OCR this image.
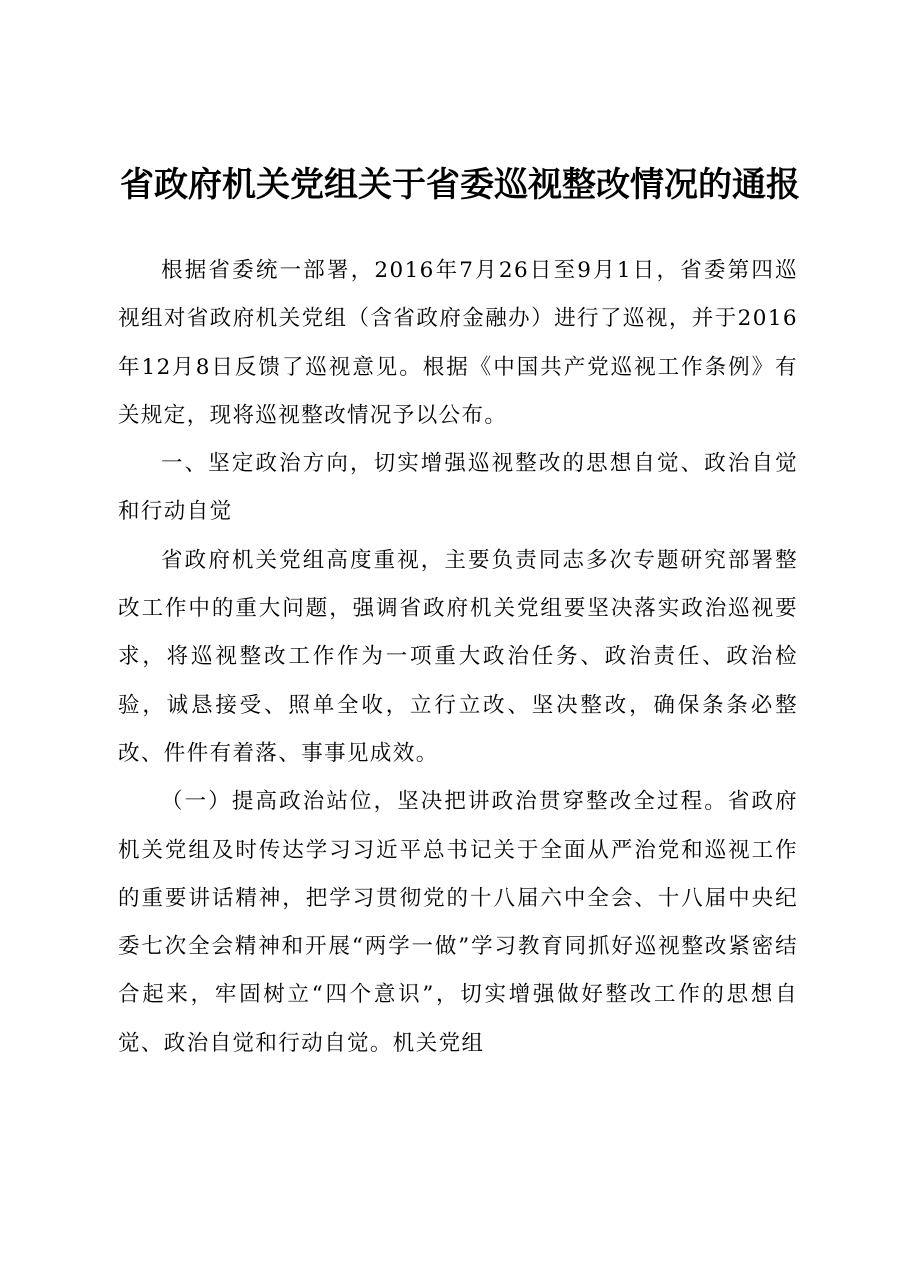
省政府机关党组关于省委巡视整改情况的通报

根据省委统一部署，2016年7月26日至9月1日，省委第四巡视组对省政府机关党组（含省政府金融办）进行了巡视，并于2016年12月8日反馈了巡视意见。根据《中国共产党巡视工作条例》有关规定，现将巡视整改情况予以公布。

一、坚定政治方向，切实增强巡视整改的思想自觉、政治自觉和行动自觉

省政府机关党组高度重视，主要负责同志多次专题研究部署整改工作中的重大问题，强调省政府机关党组要坚决落实政治巡视要求，将巡视整改工作作为一项重大政治任务、政治责任、政治检验，诚恳接受、照单全收，立行立改、坚决整改，确保条条必整改、件件有着落、事事见成效。

（一）提高政治站位，坚决把讲政治贯穿整改全过程。省政府机关党组及时传达学习习近平总书记关于全面从严治党和巡视工作的重要讲话精神，把学习贯彻党的十八届六中全会、十八届中央纪委七次全会精神和开展“两学一做”学习教育同抓好巡视整改紧密结合起来，牢固树立“四个意识”，切实增强做好整改工作的思想自觉、政治自觉和行动自觉。机关党组
